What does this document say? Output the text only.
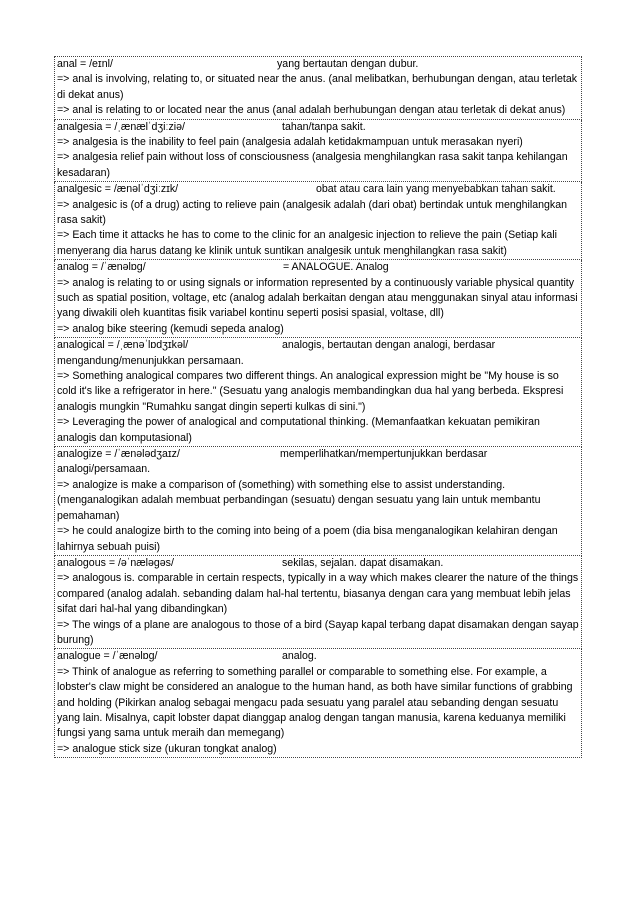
anal = /eɪnl/	yang bertautan dengan dubur.
=> anal is involving, relating to, or situated near the anus. (anal melibatkan, berhubungan dengan, atau terletak di dekat anus)
=> anal is relating to or located near the anus (anal adalah berhubungan dengan atau terletak di dekat anus)
analgesia = /ˌænælˈdʒiːziə/	tahan/tanpa sakit.
=> analgesia is the inability to feel pain (analgesia adalah ketidakmampuan untuk merasakan nyeri)
=> analgesia relief pain without loss of consciousness (analgesia menghilangkan rasa sakit tanpa kehilangan kesadaran)
analgesic = /ænəlˈdʒiːzɪk/	obat atau cara lain yang menyebabkan tahan sakit.
=> analgesic is (of a drug) acting to relieve pain (analgesik adalah (dari obat) bertindak untuk menghilangkan rasa sakit)
=> Each time it attacks he has to come to the clinic for an analgesic injection to relieve the pain (Setiap kali menyerang dia harus datang ke klinik untuk suntikan analgesik untuk menghilangkan rasa sakit)
analog = /ˈænəlɒg/	= ANALOGUE. Analog
=> analog is relating to or using signals or information represented by a continuously variable physical quantity such as spatial position, voltage, etc (analog adalah berkaitan dengan atau menggunakan sinyal atau informasi yang diwakili oleh kuantitas fisik variabel kontinu seperti posisi spasial, voltase, dll)
=> analog bike steering (kemudi sepeda analog)
analogical = /ˌænəˈlɒdʒɪkəl/	analogis, bertautan dengan analogi, berdasar
mengandung/menunjukkan persamaan.
=> Something analogical compares two different things. An analogical expression might be "My house is so cold it's like a refrigerator in here." (Sesuatu yang analogis membandingkan dua hal yang berbeda. Ekspresi analogis mungkin "Rumahku sangat dingin seperti kulkas di sini.")
=> Leveraging the power of analogical and computational thinking. (Memanfaatkan kekuatan pemikiran analogis dan komputasional)
analogize = /ˈænələdʒaɪz/	memperlihatkan/mempertunjukkan berdasar
analogi/persamaan.
=> analogize is make a comparison of (something) with something else to assist understanding. (menganalogikan adalah membuat perbandingan (sesuatu) dengan sesuatu yang lain untuk membantu pemahaman)
=> he could analogize birth to the coming into being of a poem (dia bisa menganalogikan kelahiran dengan lahirnya sebuah puisi)
analogous = /əˈnæləgəs/	sekilas, sejalan. dapat disamakan.
=> analogous is. comparable in certain respects, typically in a way which makes clearer the nature of the things compared (analog adalah. sebanding dalam hal-hal tertentu, biasanya dengan cara yang membuat lebih jelas sifat dari hal-hal yang dibandingkan)
=> The wings of a plane are analogous to those of a bird (Sayap kapal terbang dapat disamakan dengan sayap
burung)
analogue = /ˈænəlɒg/	analog.
=> Think of analogue as referring to something parallel or comparable to something else. For example, a lobster's claw might be considered an analogue to the human hand, as both have similar functions of grabbing and holding (Pikirkan analog sebagai mengacu pada sesuatu yang paralel atau sebanding dengan sesuatu yang lain. Misalnya, capit lobster dapat dianggap analog dengan tangan manusia, karena keduanya memiliki fungsi yang sama untuk meraih dan memegang)
=> analogue stick size (ukuran tongkat analog)
